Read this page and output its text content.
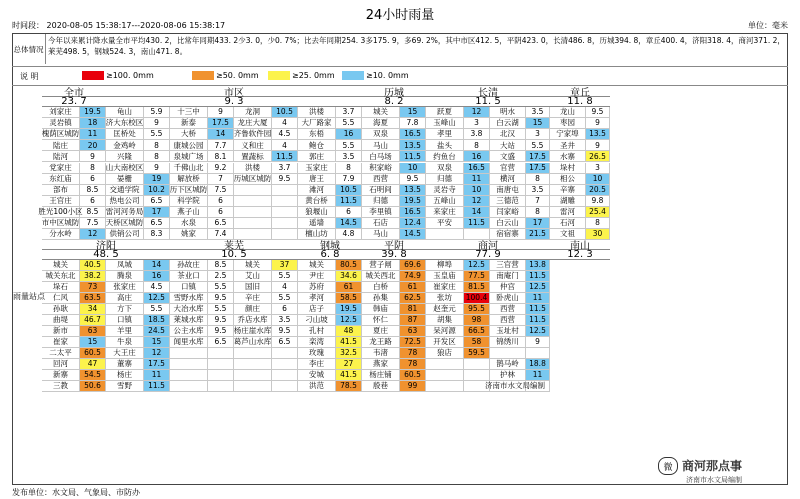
24小时雨量
时间段： 2020-08-05 15:38:17---2020-08-06 15:38:17	单位：毫米
总体情况
今年以来累计降水量全市平均430. 2，比常年同期433. 2少3. 0，少0. 7%；比去年同期254. 3多175. 9，多69. 2%，其中市区412. 5，平阴423. 0，长清486. 8，历城394. 8，章丘400. 4，济阳318. 4，商河371. 2，莱芜498. 5，钢城524. 3，南山471. 8。
说 明	≥100. 0mm	≥50. 0mm	≥25. 0mm	≥10. 0mm
雨量站点
全市
23. 7
市区
9. 3
历城
8. 2
长清
11. 5
章丘
11. 8
刘家庄	19.5	龟山	5.9	十三中	9	龙洞	10.5	洪楼	3.7	城关	15	跃夏	12	明水	3.5	龙山	9.5
灵岩镇	18	济大东校区	9	新泰	17.5	龙庄大厦	4	大厂路家	5.5	海夏	7.8	玉峰山	3	白云湖	15	枣园	9
槐荫区城防	11	匡桥处	5.5	大桥	14	齐鲁软件园 4.5	东梧	16	双泉	16.5	孝里	3.8	北汉	3	宁家埠	13.5
陆庄	20	金鸡岭	8	康城公园	7.7	义和庄	4	鲍仓	5.5	马山	13.5	盐头	8	大站	5.5	圣井	9
陆河	9	兴隆	8	泉城广场	8.1	置蔬标	11.5	郭庄	3.5	白马场	11.5	约鱼台	16	文盛	17.5	水寨	26.5
党家庄	8	山大南校区	9	千佛山北	9.2	洪楼	3.7	玉家庄	8	积家峪	10	双泉	16.5	官营	17.5	垛村	3
东红庙	6	晏栅	19	解放桥	7	历城区城防 9.5	唐王	7.9	西营	9.5	归德	11	横河	8	相公	10
部布	8.5	交通学院	10.2 历下区城防 7.5	滩河	10.5	石明间	13.5	灵岩寺	10	南唐屯	3.5	辛寨	20.5
王官庄	6	热电公司	6.5	科学院	6	黄台桥	11.5	归德	19.5	五峰山	12	三德范	7	湖雕	9.8
胜光100小区 8.5 雷河河务局	17	燕子山	6	狼堰山	6	李里镇	16.5	来家庄	14	闫家峪	8	雷河	25.4
市中区城防 7.5 天桥区城防 6.5	水泉	6.5	遥墙	14.5	石店	12.4	平安	11.5	白云山	17	石河	8
分水岭	12	供销公司	8.3	姚家	7.4	檀山坊	4.8	马山	14.5	宿宿寨	21.5	文祖	30
济阳
48. 5
莱芜
10. 5
钢城
6. 8
平阴
39. 8
商河
77. 9
南山
12. 3
城关	40.5	凤城	14	孙故庄	8.5	城关	37	城关	80.5	营子闸	69.6	柳埠	12.5	三官营	13.8
城关东北	38.2	腾泉	16	茶业口	2.5	艾山	5.5	尹庄	34.6	城关西北	74.9	玉皇庙	77.5	南庵门	11.5
垛石	73	张家庄	4.5	口镇	5.5	国旧	4	苏府	61	白桥	61	崔家庄	81.5	仲宫	12.5
仁风	63.5	高庄	12.5	雪野水库	9.5	辛庄	5.5	孝河	58.5	孙集	62.5	张坊	100.4	卧虎山	11
孙耿	34	方下	5.5	大冶水库	5.5	颜庄	6	店子	19.5	韩庙	81	赵奎元	95.5	西营	11.5
曲堤	46.7	口镇	18.5	莱城水库	9.5	乔店水库	3.5	刁山坡	12.5	怀仁	87	胡集	98	西营	11.5
新市	63	羊里	24.5	公主水库	9.5 杨庄崖水库 9.5	孔村	48	夏庄	63	呆河源	66.5	玉址村	12.5
崔家	15	牛泉	15	闻里水库	6.5 葛芦山水库 6.5	栾湾	41.5	龙王路	72.5	开发区	58	锦绣川	9
二太平	60.5	大王庄	12	玫瑰	32.5	韦渚	78	狼店	59.5
回河	47	董寨	17.5	李庄	27	燕家	78	鹊马岭	18.8
新寨	54.5	杨庄	11	安城	41.5	杨庄铺	60.5	护林	11
三教	50.6	雪野	11.5	洪范	78.5	殷巷	99	济南市水文局 编制
发布单位：水文局、气象局、市防办
微 商河那点事
济南市水文局编制
